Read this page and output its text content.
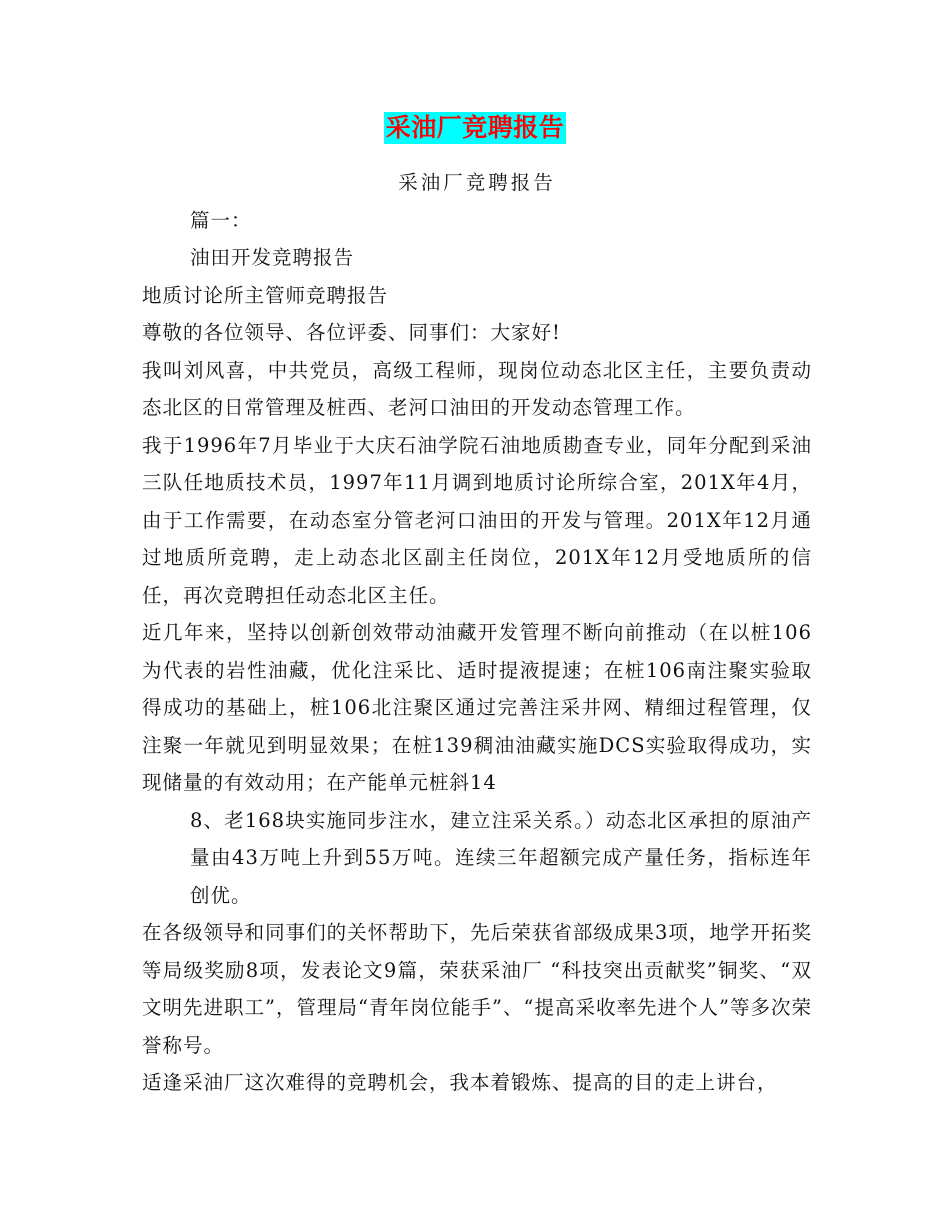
采油厂竞聘报告

采油厂竞聘报告

篇一：

油田开发竞聘报告

地质讨论所主管师竞聘报告

尊敬的各位领导、各位评委、同事们：大家好!

我叫刘风喜，中共党员，高级工程师，现岗位动态北区主任，主要负责动态北区的日常管理及桩西、老河口油田的开发动态管理工作。

我于1996年7月毕业于大庆石油学院石油地质勘查专业，同年分配到采油三队任地质技术员，1997年11月调到地质讨论所综合室，201X年4月，由于工作需要，在动态室分管老河口油田的开发与管理。201X年12月通过地质所竞聘，走上动态北区副主任岗位，201X年12月受地质所的信任，再次竞聘担任动态北区主任。

近几年来，坚持以创新创效带动油藏开发管理不断向前推动（在以桩106为代表的岩性油藏，优化注采比、适时提液提速；在桩106南注聚实验取得成功的基础上，桩106北注聚区通过完善注采井网、精细过程管理，仅注聚一年就见到明显效果；在桩139稠油油藏实施DCS实验取得成功，实现储量的有效动用；在产能单元桩斜14

8、老168块实施同步注水，建立注采关系。）动态北区承担的原油产量由43万吨上升到55万吨。连续三年超额完成产量任务，指标连年创优。

在各级领导和同事们的关怀帮助下，先后荣获省部级成果3项，地学开拓奖等局级奖励8项，发表论文9篇，荣获采油厂 “科技突出贡献奖”铜奖、“双文明先进职工”，管理局“青年岗位能手”、“提高采收率先进个人”等多次荣誉称号。

适逢采油厂这次难得的竞聘机会，我本着锻炼、提高的目的走上讲台，
